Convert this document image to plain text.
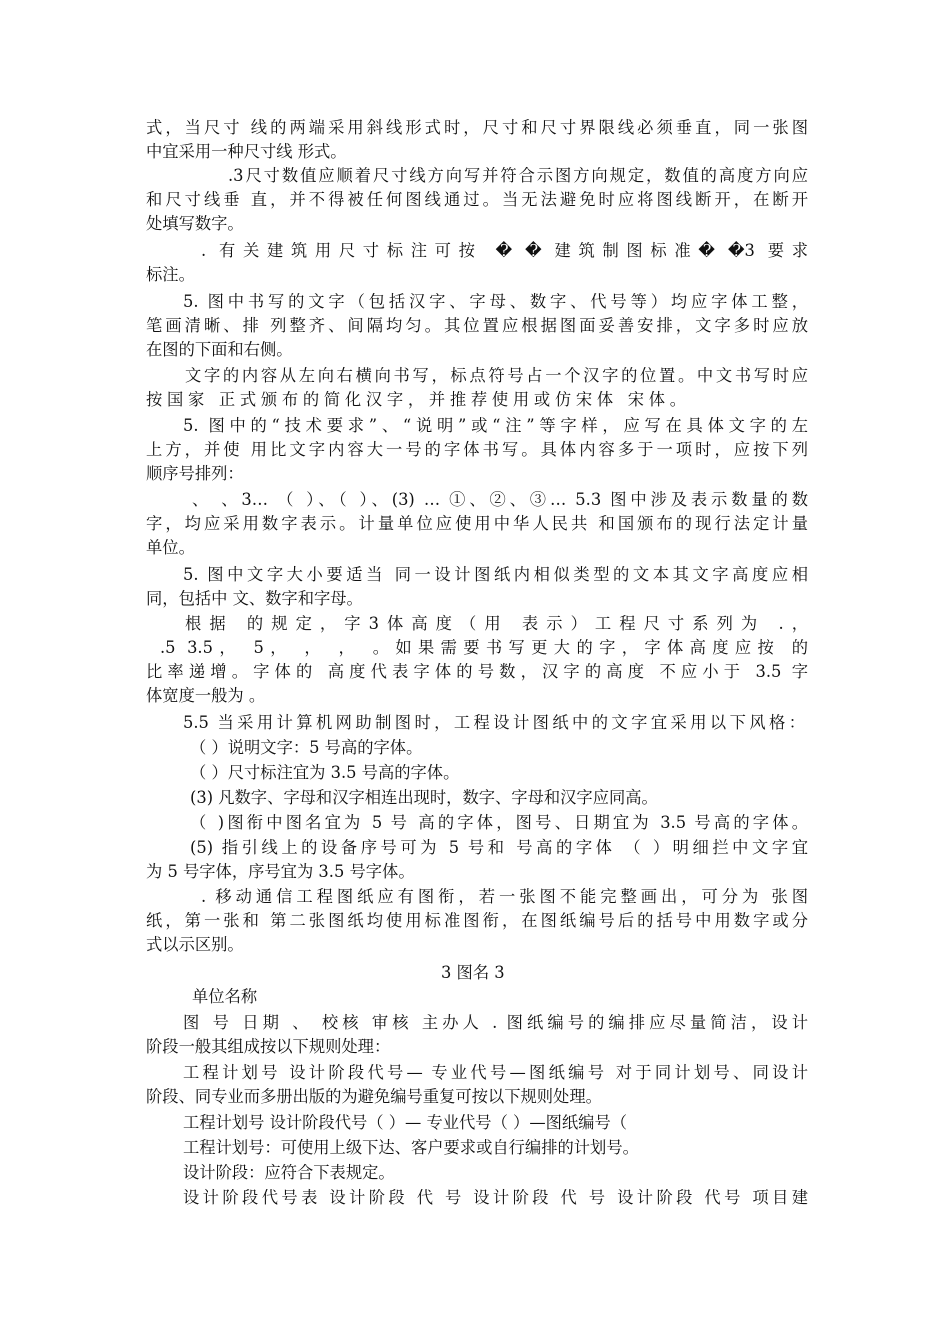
式，当尺寸 线的两端采用斜线形式时，尺寸和尺寸界限线必须垂直，同一张图
中宜采用一种尺寸线 形式。
.3尺寸数值应顺着尺寸线方向写并符合示图方向规定，数值的高度方向应
和尺寸线垂 直，并不得被任何图线通过。当无法避免时应将图线断开，在断开
处填写数字。
. 有关建筑用尺寸标注可按 � � 建筑制图标准� �3 要求
标注。
5. 图中书写的文字（包括汉字、字母、数字、代号等）均应字体工整，
笔画清晰、排 列整齐、间隔均匀。其位置应根据图面妥善安排，文字多时应放
在图的下面和右侧。
文字的内容从左向右横向书写，标点符号占一个汉字的位置。中文书写时应
按国家 正式颁布的简化汉字，并推荐使用或仿宋体 宋体。
5. 图中的“技术要求”、“说明”或“注”等字样，应写在具体文字的左
上方，并使 用比文字内容大一号的字体书写。具体内容多于一项时，应按下列
顺序号排列：
、 、3… （ ）、（ ）、(3) … ①、②、③… 5.3 图中涉及表示数量的数
字，均应采用数字表示。计量单位应使用中华人民共 和国颁布的现行法定计量
单位。
5. 图中文字大小要适当 同一设计图纸内相似类型的文本其文字高度应相
同，包括中 文、数字和字母。
根据 的规定，字3体高度（用 表示）工程尺寸系列为 .，
.5 3.5， 5， ， ， 。如果需要书写更大的字，字体高度应按 的
比率递增。字体的 高度代表字体的号数，汉字的高度 不应小于 3.5 字
体宽度一般为 。
5.5 当采用计算机网助制图时，工程设计图纸中的文字宜采用以下风格：
（ ）说明文字：5 号高的字体。
（ ）尺寸标注宜为 3.5 号高的字体。
(3) 凡数字、字母和汉字相连出现时，数字、字母和汉字应同高。
（ )图衔中图名宜为 5 号 高的字体，图号、日期宜为 3.5 号高的字体。
(5) 指引线上的设备序号可为 5 号和 号高的字体 （ ）明细拦中文字宜
为 5 号字体，序号宜为 3.5 号字体。
. 移动通信工程图纸应有图衔，若一张图不能完整画出，可分为 张图
纸，第一张和 第二张图纸均使用标准图衔，在图纸编号后的括号中用数字或分
式以示区别。
3 图名 3
单位名称
图 号 日期 、 校核 审核 主办人 . 图纸编号的编排应尽量简洁，设计
阶段一般其组成按以下规则处理：
工程计划号 设计阶段代号— 专业代号—图纸编号 对于同计划号、同设计
阶段、同专业而多册出版的为避免编号重复可按以下规则处理。
工程计划号 设计阶段代号（ ）— 专业代号（ ）—图纸编号（
工程计划号：可使用上级下达、客户要求或自行编排的计划号。
设计阶段：应符合下表规定。
设计阶段代号表 设计阶段 代 号 设计阶段 代 号 设计阶段 代号 项目建
